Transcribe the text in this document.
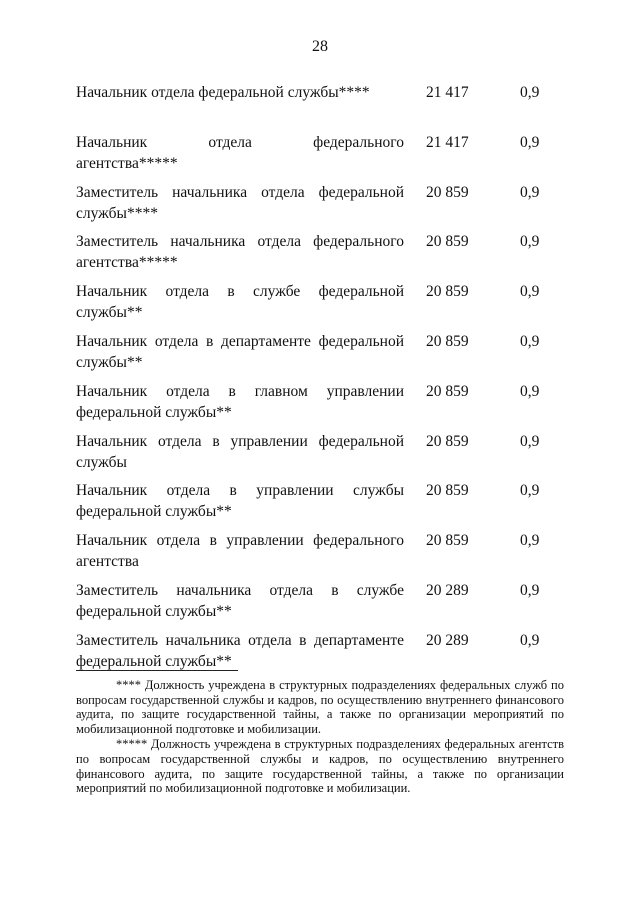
28
Начальник отдела федеральной службы****	21 417	0,9
Начальник отдела федерального
агентства*****
21 417	0,9
Заместитель начальника отдела федеральной
службы****
20 859	0,9
Заместитель начальника отдела федерального
агентства*****
20 859	0,9
Начальник отдела в службе федеральной
службы**
20 859	0,9
Начальник отдела в департаменте федеральной
службы**
20 859	0,9
Начальник отдела в главном управлении
федеральной службы**
20 859	0,9
Начальник отдела в управлении федеральной
службы
20 859	0,9
Начальник отдела в управлении службы
федеральной службы**
20 859	0,9
Начальник отдела в управлении федерального
агентства
20 859	0,9
Заместитель начальника отдела в службе
федеральной службы**
20 289	0,9
Заместитель начальника отдела в департаменте
федеральной службы**
20 289	0,9

**** Должность учреждена в структурных подразделениях федеральных служб по вопросам государственной службы и кадров, по осуществлению внутреннего финансового аудита, по защите государственной тайны, а также по организации мероприятий по мобилизационной подготовке и мобилизации.

***** Должность учреждена в структурных подразделениях федеральных агентств по вопросам государственной службы и кадров, по осуществлению внутреннего финансового аудита, по защите государственной тайны, а также по организации мероприятий по мобилизационной подготовке и мобилизации.
